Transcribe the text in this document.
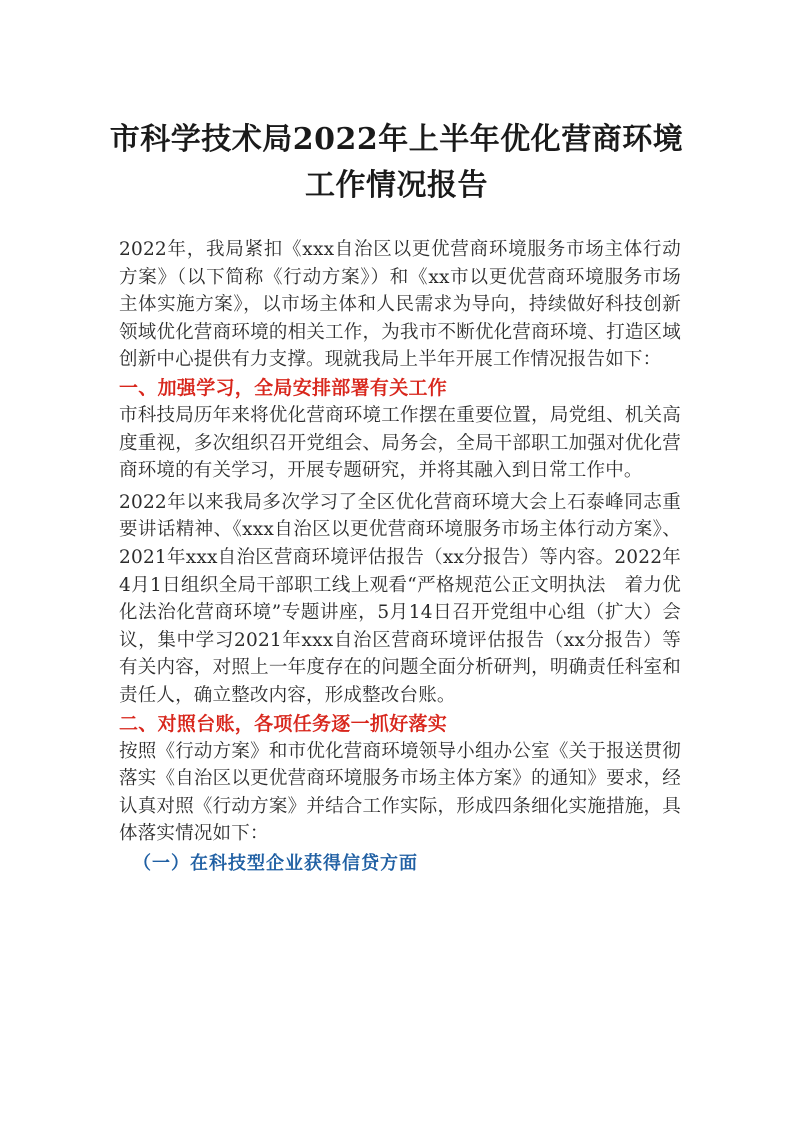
市科学技术局2022年上半年优化营商环境
工作情况报告

2022年，我局紧扣《xxx自治区以更优营商环境服务市场主体行动方案》（以下简称《行动方案》）和《xx市以更优营商环境服务市场主体实施方案》，以市场主体和人民需求为导向，持续做好科技创新领域优化营商环境的相关工作，为我市不断优化营商环境、打造区域创新中心提供有力支撑。现就我局上半年开展工作情况报告如下：

一、加强学习，全局安排部署有关工作

市科技局历年来将优化营商环境工作摆在重要位置，局党组、机关高度重视，多次组织召开党组会、局务会，全局干部职工加强对优化营商环境的有关学习，开展专题研究，并将其融入到日常工作中。

2022年以来我局多次学习了全区优化营商环境大会上石泰峰同志重要讲话精神、《xxx自治区以更优营商环境服务市场主体行动方案》、2021年xxx自治区营商环境评估报告（xx分报告）等内容。2022年4月1日组织全局干部职工线上观看“严格规范公正文明执法　着力优化法治化营商环境”专题讲座，5月14日召开党组中心组（扩大）会议，集中学习2021年xxx自治区营商环境评估报告（xx分报告）等有关内容，对照上一年度存在的问题全面分析研判，明确责任科室和责任人，确立整改内容，形成整改台账。

二、对照台账，各项任务逐一抓好落实

按照《行动方案》和市优化营商环境领导小组办公室《关于报送贯彻落实《自治区以更优营商环境服务市场主体方案》的通知》要求，经认真对照《行动方案》并结合工作实际，形成四条细化实施措施，具体落实情况如下：

（一）在科技型企业获得信贷方面
